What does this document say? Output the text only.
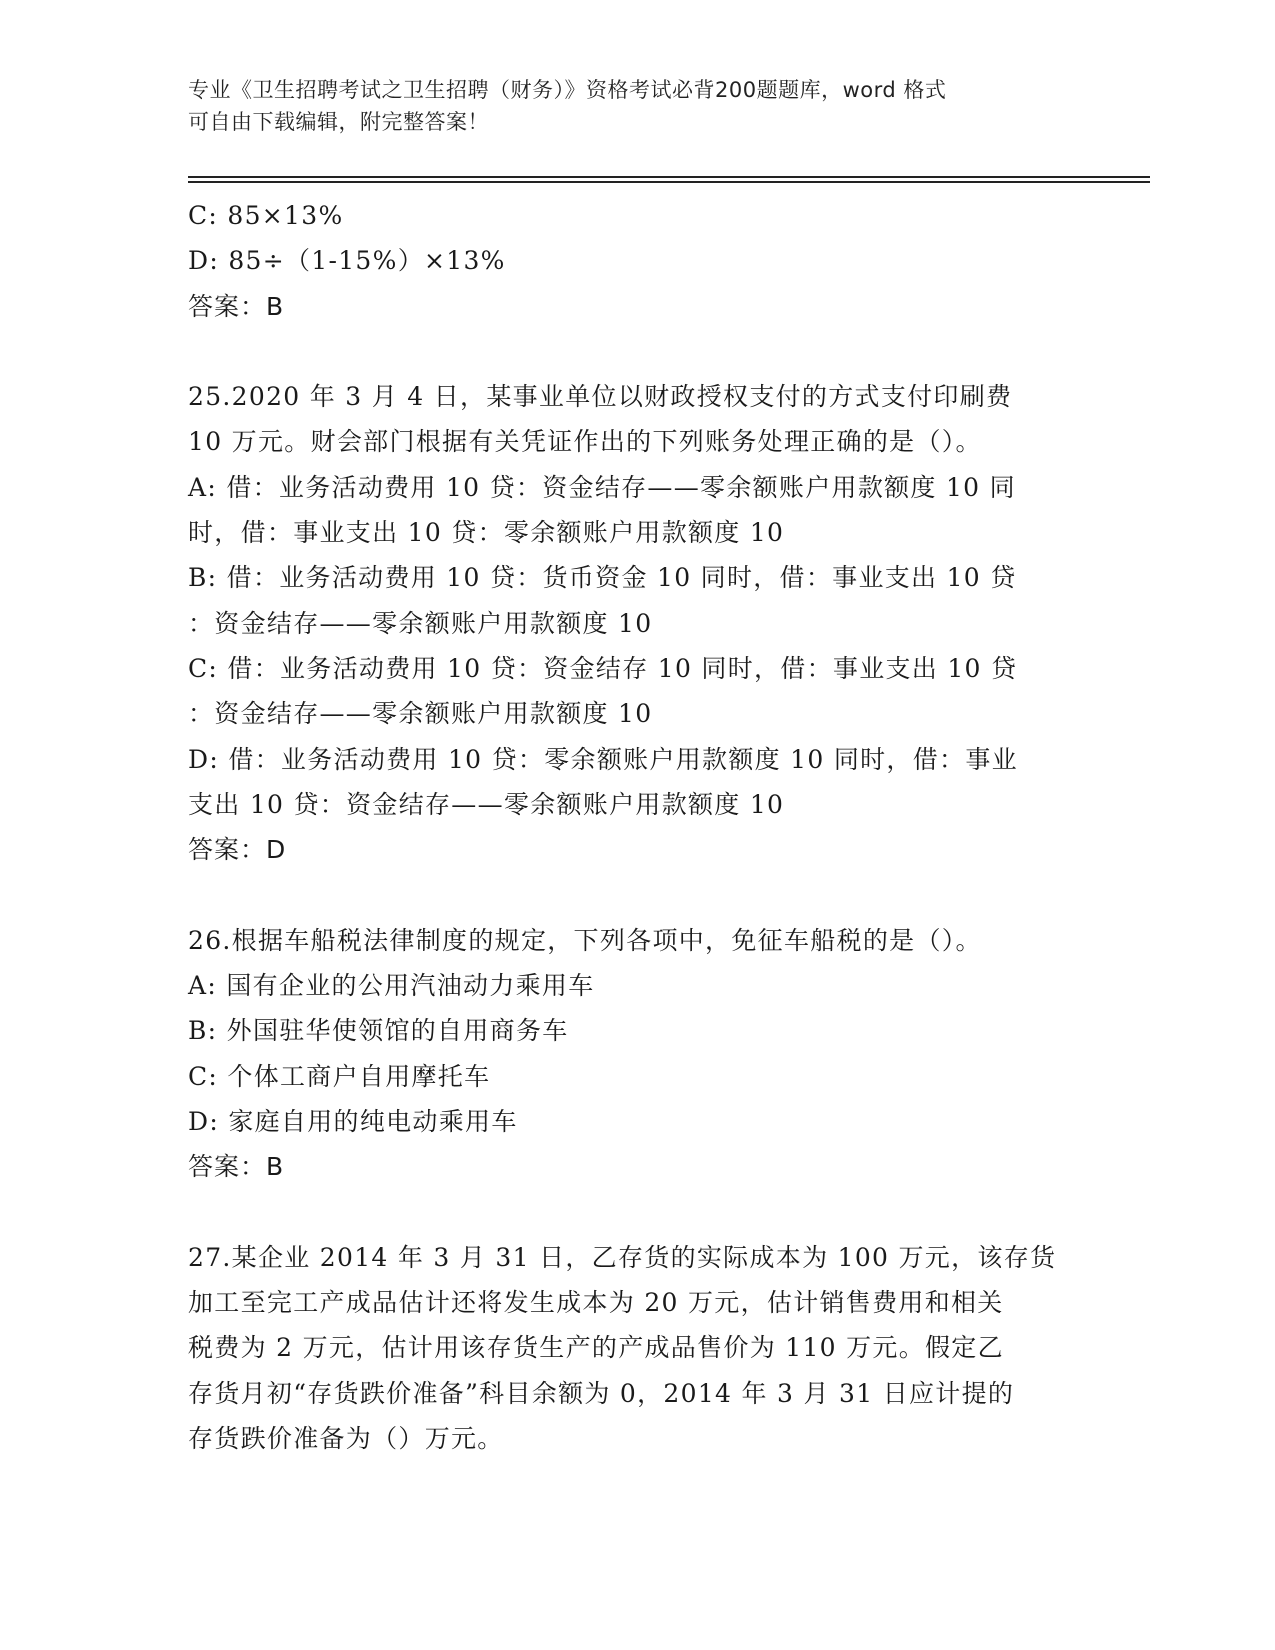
专业《卫生招聘考试之卫生招聘（财务）》资格考试必背200题题库，word 格式
可自由下载编辑，附完整答案！
C: 85×13%
D: 85÷（1-15%）×13%
答案：B
25.2020 年 3 月 4 日，某事业单位以财政授权支付的方式支付印刷费
10 万元。财会部门根据有关凭证作出的下列账务处理正确的是（）。
A: 借：业务活动费用 10 贷：资金结存——零余额账户用款额度 10 同
时，借：事业支出 10 贷：零余额账户用款额度 10
B: 借：业务活动费用 10 贷：货币资金 10 同时，借：事业支出 10 贷
：资金结存——零余额账户用款额度 10
C: 借：业务活动费用 10 贷：资金结存 10 同时，借：事业支出 10 贷
：资金结存——零余额账户用款额度 10
D: 借：业务活动费用 10 贷：零余额账户用款额度 10 同时，借：事业
支出 10 贷：资金结存——零余额账户用款额度 10
答案：D
26.根据车船税法律制度的规定，下列各项中，免征车船税的是（）。
A: 国有企业的公用汽油动力乘用车
B: 外国驻华使领馆的自用商务车
C: 个体工商户自用摩托车
D: 家庭自用的纯电动乘用车
答案：B
27.某企业 2014 年 3 月 31 日，乙存货的实际成本为 100 万元，该存货
加工至完工产成品估计还将发生成本为 20 万元，估计销售费用和相关
税费为 2 万元，估计用该存货生产的产成品售价为 110 万元。假定乙
存货月初“存货跌价准备”科目余额为 0，2014 年 3 月 31 日应计提的
存货跌价准备为（）万元。
